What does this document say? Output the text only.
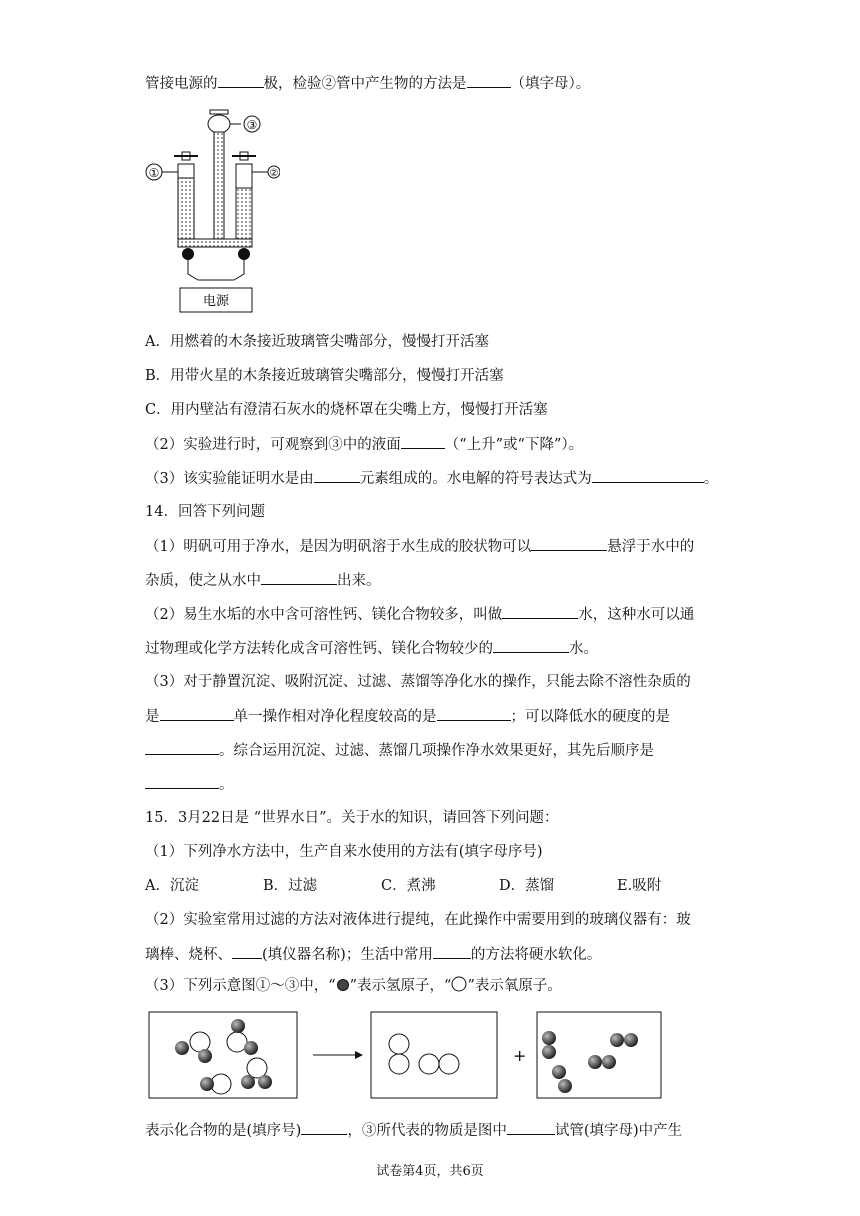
管接电源的	极，检验②管中产生物的方法是	（填字母）。
③
电源
①	②
A．用燃着的木条接近玻璃管尖嘴部分，慢慢打开活塞
B．用带火星的木条接近玻璃管尖嘴部分，慢慢打开活塞
C．用内壁沾有澄清石灰水的烧杯罩在尖嘴上方，慢慢打开活塞
（2）实验进行时，可观察到③中的液面	（“上升”或“下降”）。
（3）该实验能证明水是由	元素组成的。水电解的符号表达式为	。
14．回答下列问题
（1）明矾可用于净水，是因为明矾溶于水生成的胶状物可以	悬浮于水中的
杂质，使之从水中	出来。
（2）易生水垢的水中含可溶性钙、镁化合物较多，叫做	水，这种水可以通
过物理或化学方法转化成含可溶性钙、镁化合物较少的	水。
（3）对于静置沉淀、吸附沉淀、过滤、蒸馏等净化水的操作，只能去除不溶性杂质的
是	单一操作相对净化程度较高的是	；可以降低水的硬度的是
。综合运用沉淀、过滤、蒸馏几项操作净水效果更好，其先后顺序是
。
15．3月22日是 “世界水日”。关于水的知识，请回答下列问题：
（1）下列净水方法中，生产自来水使用的方法有(填字母序号)
A．沉淀	B．过滤	C．煮沸	D．蒸馏	E.吸附
（2）实验室常用过滤的方法对液体进行提纯，在此操作中需要用到的玻璃仪器有：玻
璃棒、烧杯、 (填仪器名称)；生活中常用	的方法将硬水软化。
（3）下列示意图①～③中，“ ”表示氢原子，“ ”表示氧原子。
+
表示化合物的是(填序号)	，③所代表的物质是图中	试管(填字母)中产生
试卷第4页，共6页
